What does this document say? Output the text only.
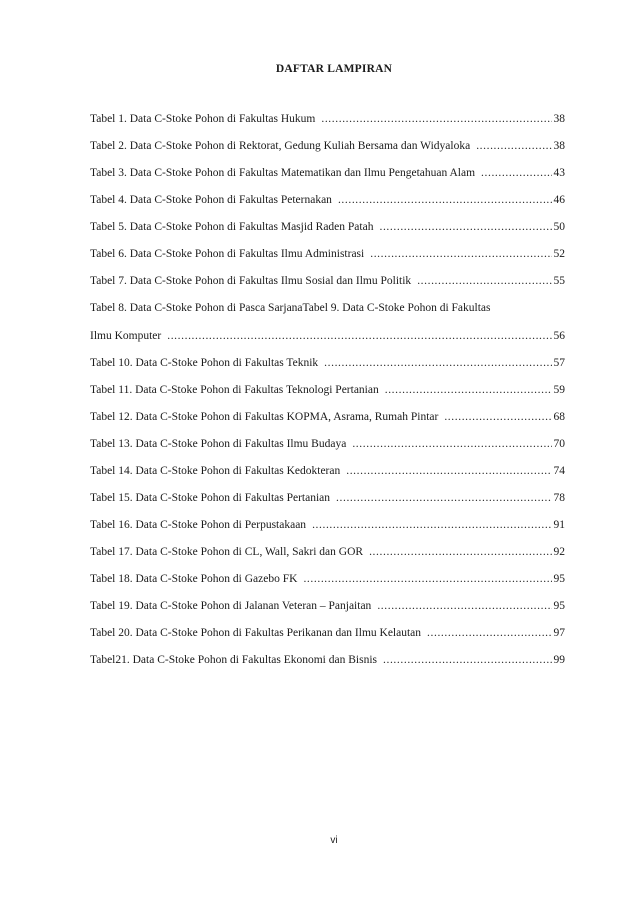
DAFTAR LAMPIRAN
Tabel 1. Data C-Stoke Pohon di Fakultas Hukum .....	38
Tabel 2. Data C-Stoke Pohon di Rektorat, Gedung Kuliah Bersama dan Widyaloka .....	38
Tabel 3. Data C-Stoke Pohon di Fakultas Matematikan dan Ilmu Pengetahuan Alam .....	43
Tabel 4. Data C-Stoke Pohon di Fakultas Peternakan .....	46
Tabel 5. Data C-Stoke Pohon di Fakultas Masjid Raden Patah .....	50
Tabel 6. Data C-Stoke Pohon di Fakultas Ilmu Administrasi .....	52
Tabel 7. Data C-Stoke Pohon di Fakultas Ilmu Sosial dan Ilmu Politik .....	55
Tabel 8. Data C-Stoke Pohon di Pasca SarjanaTabel 9. Data C-Stoke Pohon di Fakultas
Ilmu Komputer .....	56
Tabel 10. Data C-Stoke Pohon di Fakultas Teknik .....	57
Tabel 11. Data C-Stoke Pohon di Fakultas Teknologi Pertanian .....	59
Tabel 12. Data C-Stoke Pohon di Fakultas KOPMA, Asrama, Rumah Pintar .....	68
Tabel 13. Data C-Stoke Pohon di Fakultas Ilmu Budaya .....	70
Tabel 14. Data C-Stoke Pohon di Fakultas Kedokteran .....	74
Tabel 15. Data C-Stoke Pohon di Fakultas Pertanian .....	78
Tabel 16. Data C-Stoke Pohon di Perpustakaan .....	91
Tabel 17. Data C-Stoke Pohon di CL, Wall, Sakri dan GOR .....	92
Tabel 18. Data C-Stoke Pohon di Gazebo FK .....	95
Tabel 19. Data C-Stoke Pohon di Jalanan Veteran – Panjaitan .....	95
Tabel 20. Data C-Stoke Pohon di Fakultas Perikanan dan Ilmu Kelautan .....	97
Tabel21. Data C-Stoke Pohon di Fakultas Ekonomi dan Bisnis .....	99
vi
